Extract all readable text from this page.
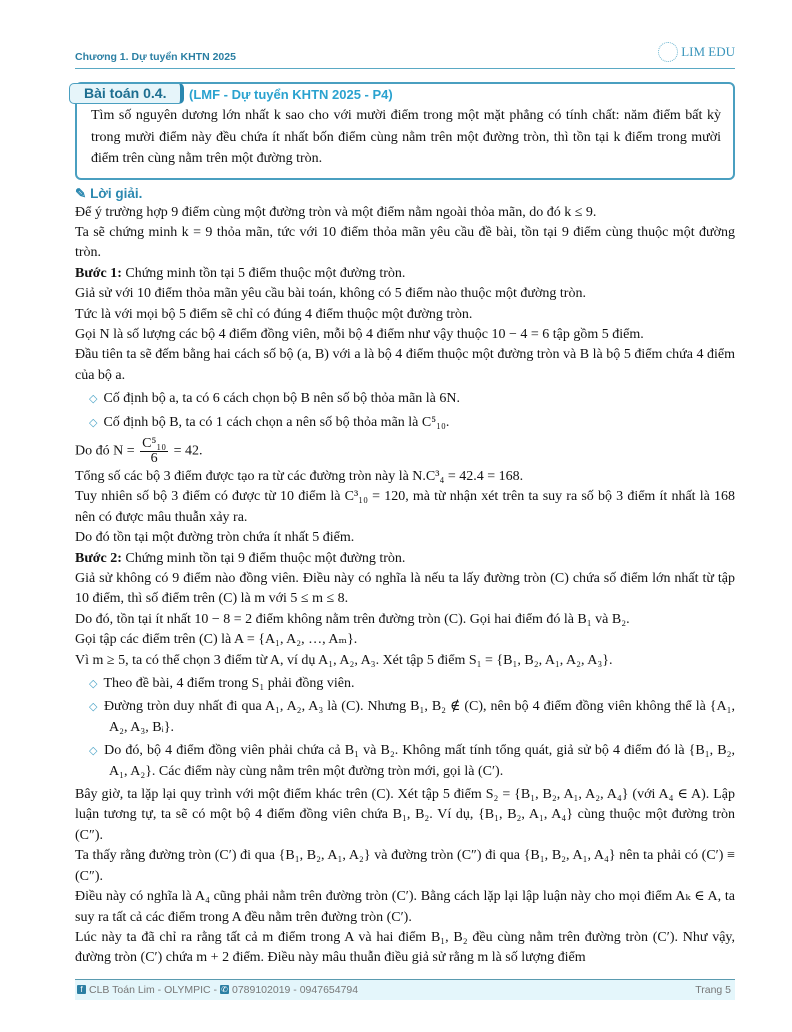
Chương 1. Dự tuyển KHTN 2025	LIM EDU
Bài toán 0.4.	(LMF - Dự tuyển KHTN 2025 - P4)
Tìm số nguyên dương lớn nhất k sao cho với mười điểm trong một mặt phẳng có tính chất: năm điểm bất kỳ trong mười điểm này đều chứa ít nhất bốn điểm cùng nằm trên một đường tròn, thì tồn tại k điểm trong mười điểm trên cùng nằm trên một đường tròn.
✎ Lời giải.

Để ý trường hợp 9 điểm cùng một đường tròn và một điểm nằm ngoài thỏa mãn, do đó k ≤ 9.

Ta sẽ chứng minh k = 9 thỏa mãn, tức với 10 điểm thỏa mãn yêu cầu đề bài, tồn tại 9 điểm cùng thuộc một đường tròn.

Bước 1: Chứng minh tồn tại 5 điểm thuộc một đường tròn.

Giả sử với 10 điểm thỏa mãn yêu cầu bài toán, không có 5 điểm nào thuộc một đường tròn.

Tức là với mọi bộ 5 điểm sẽ chỉ có đúng 4 điểm thuộc một đường tròn.

Gọi N là số lượng các bộ 4 điểm đồng viên, mỗi bộ 4 điểm như vậy thuộc 10 − 4 = 6 tập gồm 5 điểm.

Đầu tiên ta sẽ đếm bằng hai cách số bộ (a, B) với a là bộ 4 điểm thuộc một đường tròn và B là bộ 5 điểm chứa 4 điểm của bộ a.

◇ Cố định bộ a, ta có 6 cách chọn bộ B nên số bộ thỏa mãn là 6N.

◇ Cố định bộ B, ta có 1 cách chọn a nên số bộ thỏa mãn là C⁵₁₀.

Do đó $N = \frac{\text{C⁵₁₀}}{6} = 42$.

Tổng số các bộ 3 điểm được tạo ra từ các đường tròn này là N.C³₄ = 42.4 = 168.

Tuy nhiên số bộ 3 điểm có được từ 10 điểm là C³₁₀ = 120, mà từ nhận xét trên ta suy ra số bộ 3 điểm ít nhất là 168 nên có được mâu thuẫn xảy ra.

Do đó tồn tại một đường tròn chứa ít nhất 5 điểm.

Bước 2: Chứng minh tồn tại 9 điểm thuộc một đường tròn.

Giả sử không có 9 điểm nào đồng viên. Điều này có nghĩa là nếu ta lấy đường tròn (C) chứa số điểm lớn nhất từ tập 10 điểm, thì số điểm trên (C) là m với 5 ≤ m ≤ 8.

Do đó, tồn tại ít nhất 10 − 8 = 2 điểm không nằm trên đường tròn (C). Gọi hai điểm đó là B₁ và B₂.

Gọi tập các điểm trên (C) là A = {A₁, A₂, …, Aₘ}.

Vì m ≥ 5, ta có thể chọn 3 điểm từ A, ví dụ A₁, A₂, A₃. Xét tập 5 điểm S₁ = {B₁, B₂, A₁, A₂, A₃}.

◇ Theo đề bài, 4 điểm trong S₁ phải đồng viên.

◇ Đường tròn duy nhất đi qua A₁, A₂, A₃ là (C). Nhưng B₁, B₂ ∉ (C), nên bộ 4 điểm đồng viên không thể là {A₁, A₂, A₃, Bᵢ}.

◇ Do đó, bộ 4 điểm đồng viên phải chứa cả B₁ và B₂. Không mất tính tổng quát, giả sử bộ 4 điểm đó là {B₁, B₂, A₁, A₂}. Các điểm này cùng nằm trên một đường tròn mới, gọi là (C′).

Bây giờ, ta lặp lại quy trình với một điểm khác trên (C). Xét tập 5 điểm S₂ = {B₁, B₂, A₁, A₂, A₄} (với A₄ ∈ A). Lập luận tương tự, ta sẽ có một bộ 4 điểm đồng viên chứa B₁, B₂. Ví dụ, {B₁, B₂, A₁, A₄} cùng thuộc một đường tròn (C″).

Ta thấy rằng đường tròn (C′) đi qua {B₁, B₂, A₁, A₂} và đường tròn (C″) đi qua {B₁, B₂, A₁, A₄} nên ta phải có (C′) ≡ (C″).

Điều này có nghĩa là A₄ cũng phải nằm trên đường tròn (C′). Bằng cách lặp lại lập luận này cho mọi điểm Aₖ ∈ A, ta suy ra tất cả các điểm trong A đều nằm trên đường tròn (C′).

Lúc này ta đã chỉ ra rằng tất cả m điểm trong A và hai điểm B₁, B₂ đều cùng nằm trên đường tròn (C′). Như vậy, đường tròn (C′) chứa m + 2 điểm. Điều này mâu thuẫn điều giả sử rằng m là số lượng điểm

f CLB Toán Lim - OLYMPIC - ✆ 0789102019 - 0947654794	Trang 5
